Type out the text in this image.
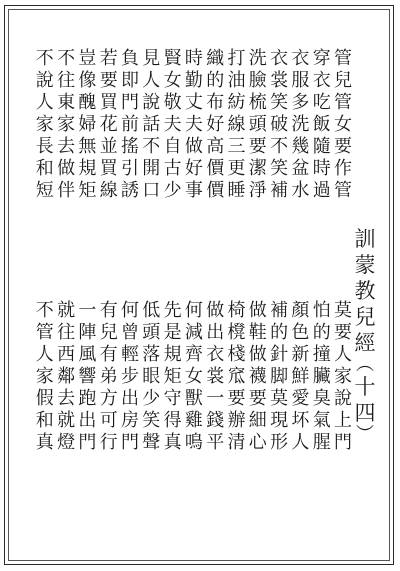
訓
蒙
教
兒
經
︵
十
四
︶
管
兒
管
女
要
作
管
莫
要
人
家
說
上
門
穿
衣
吃
飯
隨
時
過
怕
的
撞
臟
臭
氣
腥
衣
服
多
洗
幾
盆
水
顏
色
新
鮮
愛
坏
人
衣
裳
笑
破
不
笑
補
補
的
針
脚
莫
現
形
洗
臉
梳
頭
要
潔
淨
做
鞋
做
襪
要
細
心
打
油
紡
線
三
更
睡
椅
櫈
棧
窊
要
辦
清
織
的
布
好
高
價
價
做
出
衣
裳
一
錢
平
時
勤
丈
夫
做
好
事
何
減
齊
女
獸
雞
鳴
賢
女
敬
夫
自
古
少
先
是
規
矩
守
得
真
見
人
說
話
不
開
口
低
頭
落
眼
少
笑
聲
負
即
門
前
搖
引
誘
何
曾
輕
步
出
房
門
若
要
買
花
並
買
線
有
兒
有
弟
方
可
行
豈
像
醜
婦
無
規
矩
一
陣
風
響
跑
出
門
不
往
東
家
去
做
伴
就
往
西
鄰
去
就
燈
不
說
人
家
長
和
短
不
管
人
家
假
和
真
